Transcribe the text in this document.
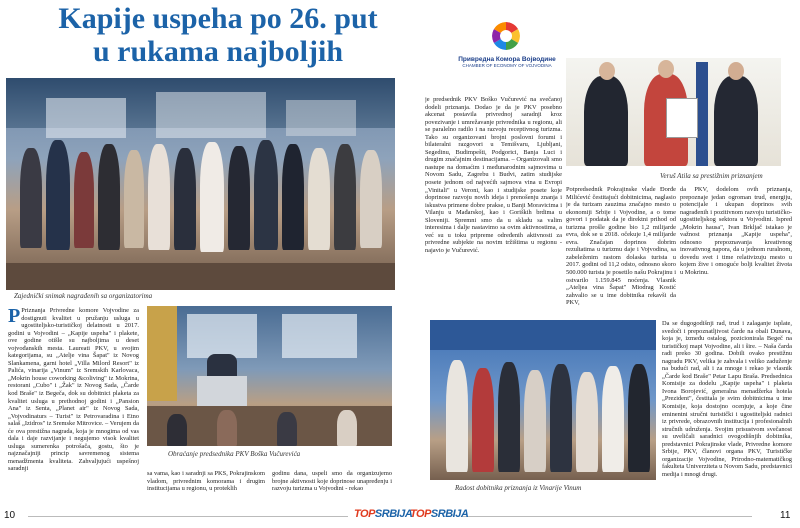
Kapije uspeha po 26. put
u rukama najboljih	Привредна Комора Војводине
CHAMBER OF ECONOMY OF VOJVODINA
Zajednički snimak nagrađenih sa organizatorima
Obraćanje predsednika PKV Boška Vučurevića
Veruš Atila sa prestižnim priznanjem
Radost dobitnika priznanja iz Vinarije Vinum

P Priznanja Privredne komore Vojvodine za dostignuti kvalitet u pružanju usluga u ugostiteljsko-turističkoj delatnosti u 2017. godini u Vojvodini – „Kapije uspeha" i plakete, ove godine otišle su najboljima u deset vojvođanskih mesta. Laureati PKV, u svojim kategorijama, su „Atelje vina Šapat" iz Novog Slankamena, garni hotel „Villa Milord Resort" iz Palića, vinarija „Vinum" iz Sremskih Karlovaca, „Mokrin house coworking &coliving" iz Mokrina, restorani „Cubo" i „Žak" iz Novog Sada, „Čarde kod Braše" iz Begeča, dok su dobitnici plaketa za kvalitet usluga u prethodnoj godini i „Pansion Ana" iz Senta, „Planet air" iz Novog Sada, „Vojvodinaturs – Turist" iz Petrovaradina i Etno salaš „Izidros" iz Sremske Mitrovice. – Verujem da će ova prestižna nagrada, koja je mnogima od vas dala i daje razvijanje i negujemo visok kvalitet usluga sumerenka potrošača, gostu, što je najznačajniji princip savremenog sistema menadžmenta kvaliteta. Zahvaljujući uspešnoj saradnji

sa vama, kao i saradnji sa PKS, Pokrajinskom vladom, privrednim komorama i drugim institucijama u regionu, u proteklih

je predsednik PKV Boško Vučurević na svečanoj dodeli priznanja. Dodao je da je PKV posebno akcenat postavila privrednoj saradnji kroz povezivanje i umrežavanje privrednika u regionu, ali se paralelno radilo i na razvoju receptivnog turizma. Tako su organizovani brojni poslovni forumi i bilateralni razgovori u Temišvaru, Ljubljani, Segedinu, Budimpešti, Podgorici, Banja Luci i drugim značajnim destinacijama. – Organizovali smo nastupe na domaćim i međunarodnim sajmovima u Novom Sadu, Zagrebu i Budvi, zatim studijske posete jednom od najvećih sajmova vina u Evropi „Vinitali" u Veroni, kao i studijske posete koje doprinose razvoju novih ideja i prenošenju znanja i iskustva primene dobre prakse, u Banji Moravicima i Vilanju u Mađarskoj, kao i Goriških brdima u Sloveniji. Spremni smo da u skladu sa valim interesima i dalje nastavimo sa ovim aktivnostima, a već su u toku pripreme određenih aktivnosti za privredne subjekte na novim tržištima u regionu - najavio je Vučurević.

godinu dana, uspeli smo da organizujemo brojne aktivnosti koje doprinose unapređenju i razvoju turizma u Vojvodini - rekao

Potpredsednik Pokrajinske vlade Đorđe Milićević čestitajući dobitnicima, naglasio je da turizam zauzima značajno mesto u ekonomiji Srbije i Vojvodine, a o tome govori i podatak da je direktni prihod od turizma prošle godine bio 1,2 milijarde evra, dok se u 2018. očekuje 1,4 milijarde evra. Značajan doprinos dobrim rezultatima u turizmu daje i Vojvodina, sa zabeleženim rastom dolaska turista u 2017. godini od 11,2 odsto, odnosno skoro 500.000 turista je posetilo našu Pokrajinu i ostvarilo 1.159.845 noćenja. Vlasnik „Ateljea vina Šapat" Miodrag Kostić zahvalio se u ime dobitnika rekavši da PKV,

da PKV, dodelom ovih priznanja, prepoznaje jedan ogroman trud, energiju, potencijale i ukupan doprinos svih nagrađenih i pozitivnom razvoju turističko-ugostiteljskog sektora u Vojvodini. Ispred „Mokrin hausa", Ivan Brkljač istakao je važnost priznanja „Kapije uspeha", odnosno prepoznavanja kreativnog inovativnog napora, da u jednom ruralnom, dovedu svet i time relativizuju mesto u kojem žive i omoguće bolji kvalitet života u Mokrinu.

Da se dugogodišnji rad, trud i zalaganje isplate, svedoči i prepoznatljivost čarde na obali Dunava, koja je, između ostalog, pozicionirala Begeč na turističkoj mapi Vojvodine, ali i šire. – Naša čarda radi preko 30 godina. Dobili ovako prestižnu nagradu PKV, velika je zahvala i veliko zaduženje na budući rad, ali i za mnoge i rekao je vlasnik „Čarde kod Braše" Petar Lapu Braša. Predsednica Komisije za dodelu „Kapije uspeha" i plaketa Ivona Borojević, generalna menadžerka hotela „Prezident", čestitala je svim dobitnicima u ime Komisije, koja dostojno ocenjuje, a koje čine eminentni stručni turistički i ugostiteljski radnici iz privrede, obrazovnih institucija i profesionalnih stručnih udruženja. Svojim prisustvom svečanost su uveličali saradnici ovogodišnjih dobitnika, predstavnici Pokrajinske vlade, Privredne komore Srbije, PKV, članovi organa PKV, Turističke organizacije Vojvodine, Prirodno-matematičkog fakulteta Univerziteta u Novom Sadu, predstavnici medija i mnogi drugi.

10	TOPSRBIJA
TOPSRBIJA	11
